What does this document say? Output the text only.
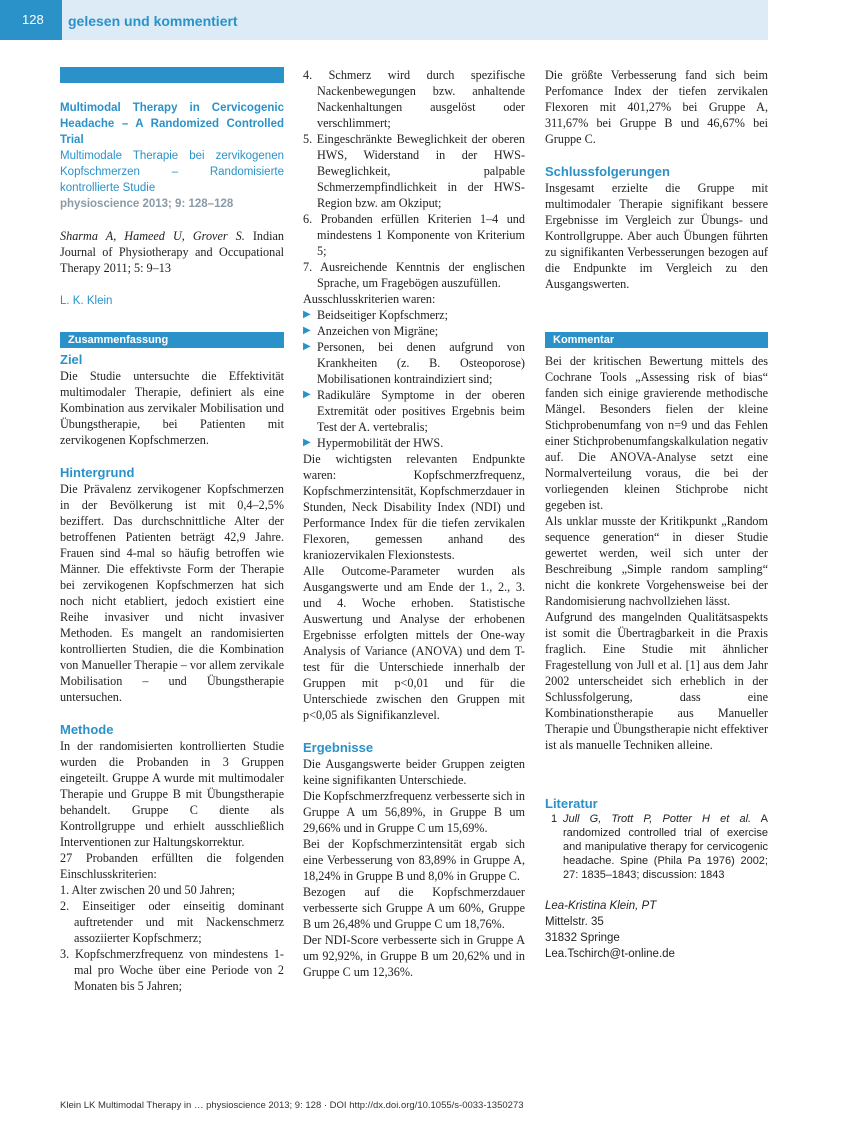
128	gelesen und kommentiert
Multimodal Therapy in Cervicogenic Headache – A Randomized Controlled Trial
Multimodale Therapie bei zervikogenen Kopfschmerzen – Randomisierte kontrollierte Studie
physioscience 2013; 9: 128–128

Sharma A, Hameed U, Grover S. Indian Journal of Physiotherapy and Occupational Therapy 2011; 5: 9–13

L. K. Klein
Zusammenfassung
Ziel

Die Studie untersuchte die Effektivität multimodaler Therapie, definiert als eine Kombination aus zervikaler Mobilisation und Übungstherapie, bei Patienten mit zervikogenen Kopfschmerzen.

Hintergrund

Die Prävalenz zervikogener Kopfschmerzen in der Bevölkerung ist mit 0,4–2,5% beziffert. Das durchschnittliche Alter der betroffenen Patienten beträgt 42,9 Jahre. Frauen sind 4-mal so häufig betroffen wie Männer. Die effektivste Form der Therapie bei zervikogenen Kopfschmerzen hat sich noch nicht etabliert, jedoch existiert eine Reihe invasiver und nicht invasiver Methoden. Es mangelt an randomisierten kontrollierten Studien, die die Kombination von Manueller Therapie – vor allem zervikale Mobilisation – und Übungstherapie untersuchen.

Methode

In der randomisierten kontrollierten Studie wurden die Probanden in 3 Gruppen eingeteilt. Gruppe A wurde mit multimodaler Therapie und Gruppe B mit Übungstherapie behandelt. Gruppe C diente als Kontrollgruppe und erhielt ausschließlich Interventionen zur Haltungskorrektur.

27 Probanden erfüllten die folgenden Einschlusskriterien:

1. Alter zwischen 20 und 50 Jahren;

2. Einseitiger oder einseitig dominant auftretender und mit Nackenschmerz assoziierter Kopfschmerz;

3. Kopfschmerzfrequenz von mindestens 1-mal pro Woche über eine Periode von 2 Monaten bis 5 Jahren;

4. Schmerz wird durch spezifische Nackenbewegungen bzw. anhaltende Nackenhaltungen ausgelöst oder verschlimmert;

5. Eingeschränkte Beweglichkeit der oberen HWS, Widerstand in der HWS-Beweglichkeit, palpable Schmerzempfindlichkeit in der HWS-Region bzw. am Okziput;

6. Probanden erfüllen Kriterien 1–4 und mindestens 1 Komponente von Kriterium 5;

7. Ausreichende Kenntnis der englischen Sprache, um Fragebögen auszufüllen.

Ausschlusskriterien waren:

▶ Beidseitiger Kopfschmerz;
▶ Anzeichen von Migräne;
▶ Personen, bei denen aufgrund von Krankheiten (z. B. Osteoporose) Mobilisationen kontraindiziert sind;
▶ Radikuläre Symptome in der oberen Extremität oder positives Ergebnis beim Test der A. vertebralis;
▶ Hypermobilität der HWS.

Die wichtigsten relevanten Endpunkte waren: Kopfschmerzfrequenz, Kopfschmerzintensität, Kopfschmerzdauer in Stunden, Neck Disability Index (NDI) und Performance Index für die tiefen zervikalen Flexoren, gemessen anhand des kraniozervikalen Flexionstests.

Alle Outcome-Parameter wurden als Ausgangswerte und am Ende der 1., 2., 3. und 4. Woche erhoben. Statistische Auswertung und Analyse der erhobenen Ergebnisse erfolgten mittels der One-way Analysis of Variance (ANOVA) und dem T-test für die Unterschiede innerhalb der Gruppen mit p<0,01 und für die Unterschiede zwischen den Gruppen mit p<0,05 als Signifikanzlevel.

Ergebnisse

Die Ausgangswerte beider Gruppen zeigten keine signifikanten Unterschiede.

Die Kopfschmerzfrequenz verbesserte sich in Gruppe A um 56,89%, in Gruppe B um 29,66% und in Gruppe C um 15,69%.

Bei der Kopfschmerzintensität ergab sich eine Verbesserung von 83,89% in Gruppe A, 18,24% in Gruppe B und 8,0% in Gruppe C.

Bezogen auf die Kopfschmerzdauer verbesserte sich Gruppe A um 60%, Gruppe B um 26,48% und Gruppe C um 18,76%.

Der NDI-Score verbesserte sich in Gruppe A um 92,92%, in Gruppe B um 20,62% und in Gruppe C um 12,36%.

Die größte Verbesserung fand sich beim Perfomance Index der tiefen zervikalen Flexoren mit 401,27% bei Gruppe A, 311,67% bei Gruppe B und 46,67% bei Gruppe C.

Schlussfolgerungen

Insgesamt erzielte die Gruppe mit multimodaler Therapie signifikant bessere Ergebnisse im Vergleich zur Übungs- und Kontrollgruppe. Aber auch Übungen führten zu signifikanten Verbesserungen bezogen auf die Endpunkte im Vergleich zu den Ausgangswerten.

Kommentar

Bei der kritischen Bewertung mittels des Cochrane Tools „Assessing risk of bias“ fanden sich einige gravierende methodische Mängel. Besonders fielen der kleine Stichprobenumfang von n=9 und das Fehlen einer Stichprobenumfangskalkulation negativ auf. Die ANOVA-Analyse setzt eine Normalverteilung voraus, die bei der vorliegenden kleinen Stichprobe nicht gegeben ist.

Als unklar musste der Kritikpunkt „Random sequence generation“ in dieser Studie gewertet werden, weil sich unter der Beschreibung „Simple random sampling“ nicht die konkrete Vorgehensweise bei der Randomisierung nachvollziehen lässt.

Aufgrund des mangelnden Qualitätsaspekts ist somit die Übertragbarkeit in die Praxis fraglich. Eine Studie mit ähnlicher Fragestellung von Jull et al. [1] aus dem Jahr 2002 unterscheidet sich erheblich in der Schlussfolgerung, dass eine Kombinationstherapie aus Manueller Therapie und Übungstherapie nicht effektiver ist als manuelle Techniken alleine.

Literatur
1 Jull G, Trott P, Potter H et al. A randomized controlled trial of exercise and manipulative therapy for cervicogenic headache. Spine (Phila Pa 1976) 2002; 27: 1835–1843; discussion: 1843
Lea-Kristina Klein, PT
Mittelstr. 35
31832 Springe
Lea.Tschirch@t-online.de
Klein LK Multimodal Therapy in … physioscience 2013; 9: 128 · DOI http://dx.doi.org/10.1055/s-0033-1350273
